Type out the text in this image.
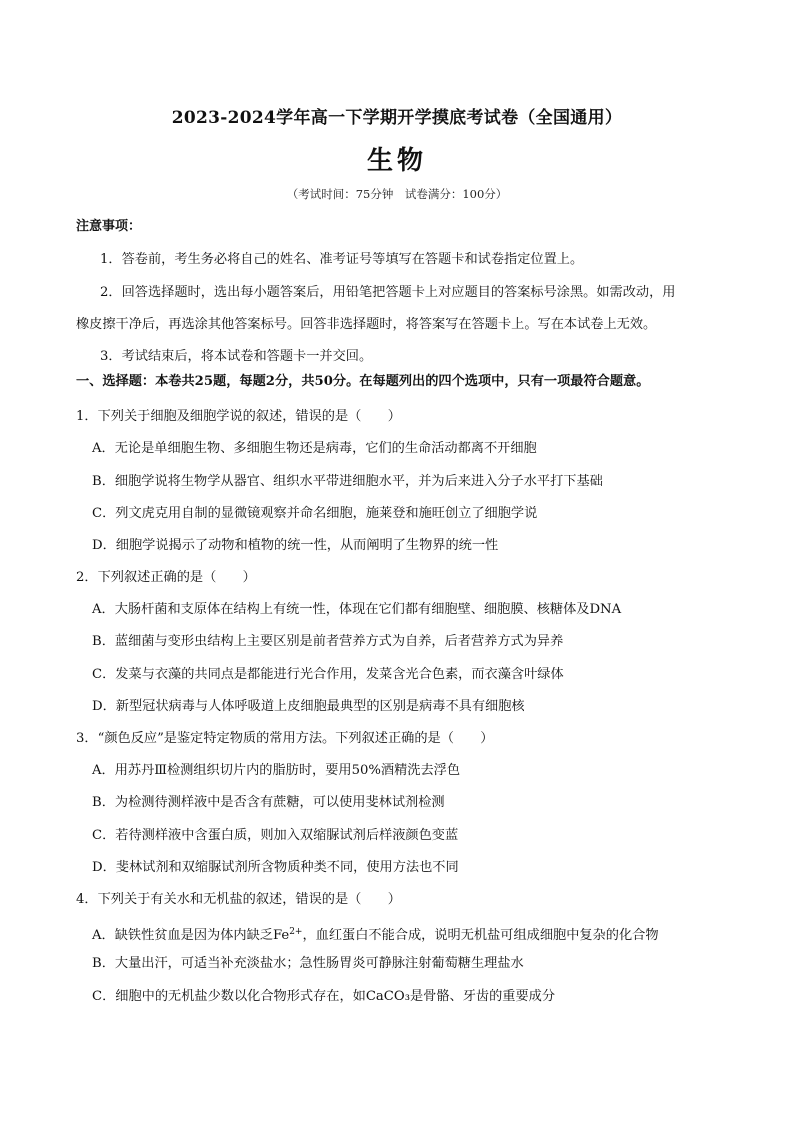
2023-2024学年高一下学期开学摸底考试卷（全国通用）
生物
（考试时间：75分钟　试卷满分：100分）
注意事项：
1．答卷前，考生务必将自己的姓名、准考证号等填写在答题卡和试卷指定位置上。
2．回答选择题时，选出每小题答案后，用铅笔把答题卡上对应题目的答案标号涂黑。如需改动，用
橡皮擦干净后，再选涂其他答案标号。回答非选择题时，将答案写在答题卡上。写在本试卷上无效。
3．考试结束后，将本试卷和答题卡一并交回。
一、选择题：本卷共25题，每题2分，共50分。在每题列出的四个选项中，只有一项最符合题意。
1．下列关于细胞及细胞学说的叙述，错误的是（　　）
A．无论是单细胞生物、多细胞生物还是病毒，它们的生命活动都离不开细胞
B．细胞学说将生物学从器官、组织水平带进细胞水平，并为后来进入分子水平打下基础
C．列文虎克用自制的显微镜观察并命名细胞，施莱登和施旺创立了细胞学说
D．细胞学说揭示了动物和植物的统一性，从而阐明了生物界的统一性
2．下列叙述正确的是（　　）
A．大肠杆菌和支原体在结构上有统一性，体现在它们都有细胞壁、细胞膜、核糖体及DNA
B．蓝细菌与变形虫结构上主要区别是前者营养方式为自养，后者营养方式为异养
C．发菜与衣藻的共同点是都能进行光合作用，发菜含光合色素，而衣藻含叶绿体
D．新型冠状病毒与人体呼吸道上皮细胞最典型的区别是病毒不具有细胞核
3．“颜色反应”是鉴定特定物质的常用方法。下列叙述正确的是（　　）
A．用苏丹Ⅲ检测组织切片内的脂肪时，要用50%酒精洗去浮色
B．为检测待测样液中是否含有蔗糖，可以使用斐林试剂检测
C．若待测样液中含蛋白质，则加入双缩脲试剂后样液颜色变蓝
D．斐林试剂和双缩脲试剂所含物质种类不同，使用方法也不同
4．下列关于有关水和无机盐的叙述，错误的是（　　）
A．缺铁性贫血是因为体内缺乏$Fe^{2+}$，血红蛋白不能合成，说明无机盐可组成细胞中复杂的化合物
B．大量出汗，可适当补充淡盐水；急性肠胃炎可静脉注射葡萄糖生理盐水
C．细胞中的无机盐少数以化合物形式存在，如CaCO₃是骨骼、牙齿的重要成分
